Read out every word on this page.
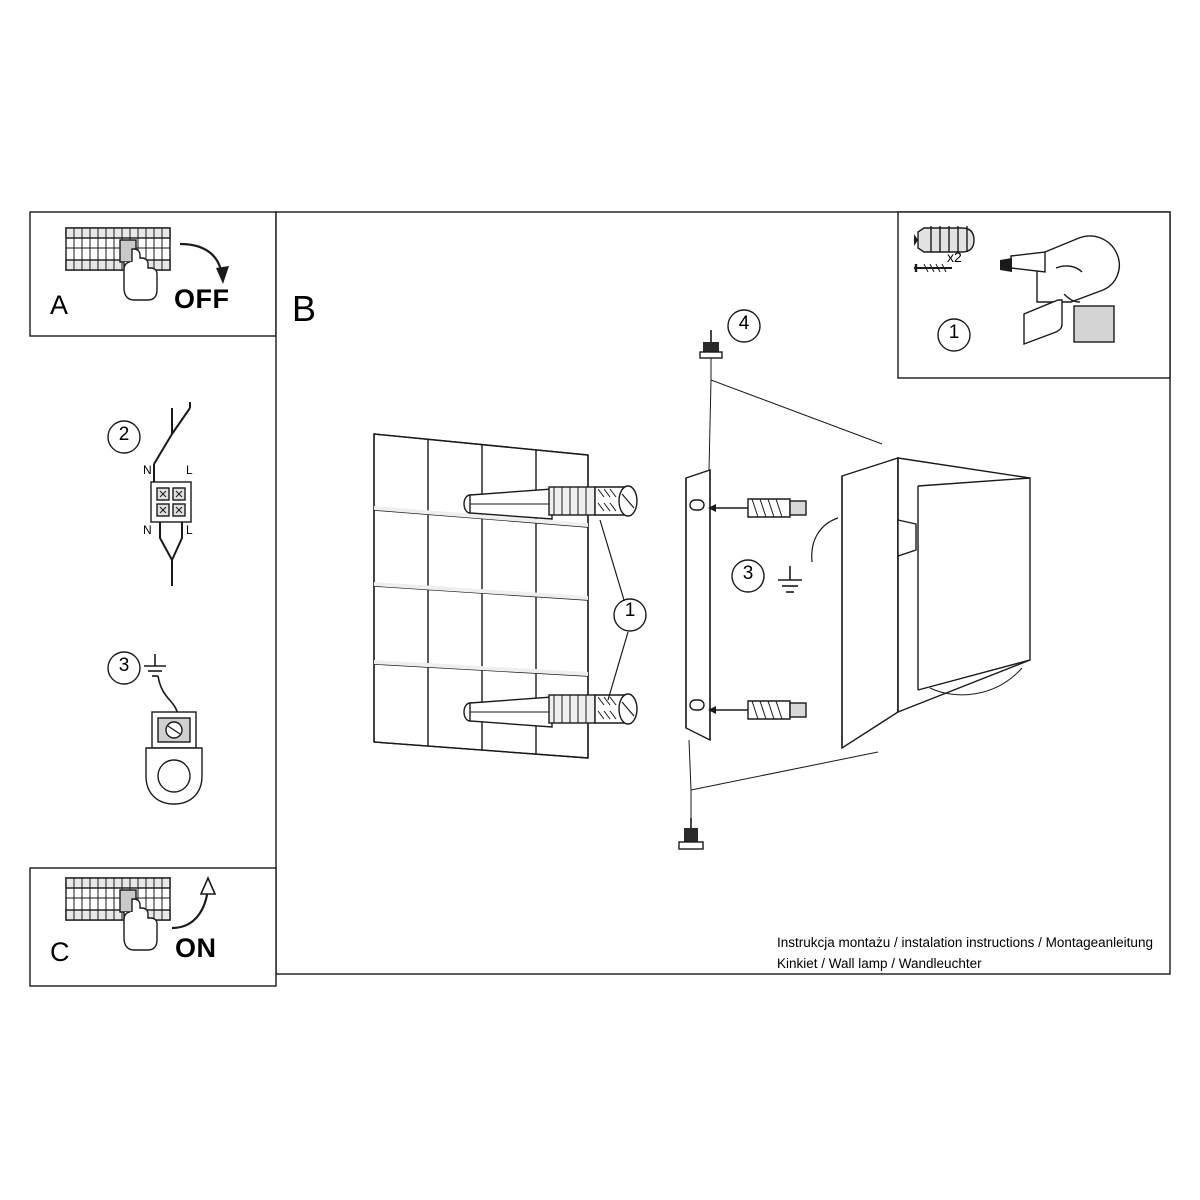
A	OFF B
C	ON
x2
1
2
3
1
3
4
N	L
N	L
Instrukcja montażu / instalation instructions / Montageanleitung
Kinkiet / Wall lamp / Wandleuchter
